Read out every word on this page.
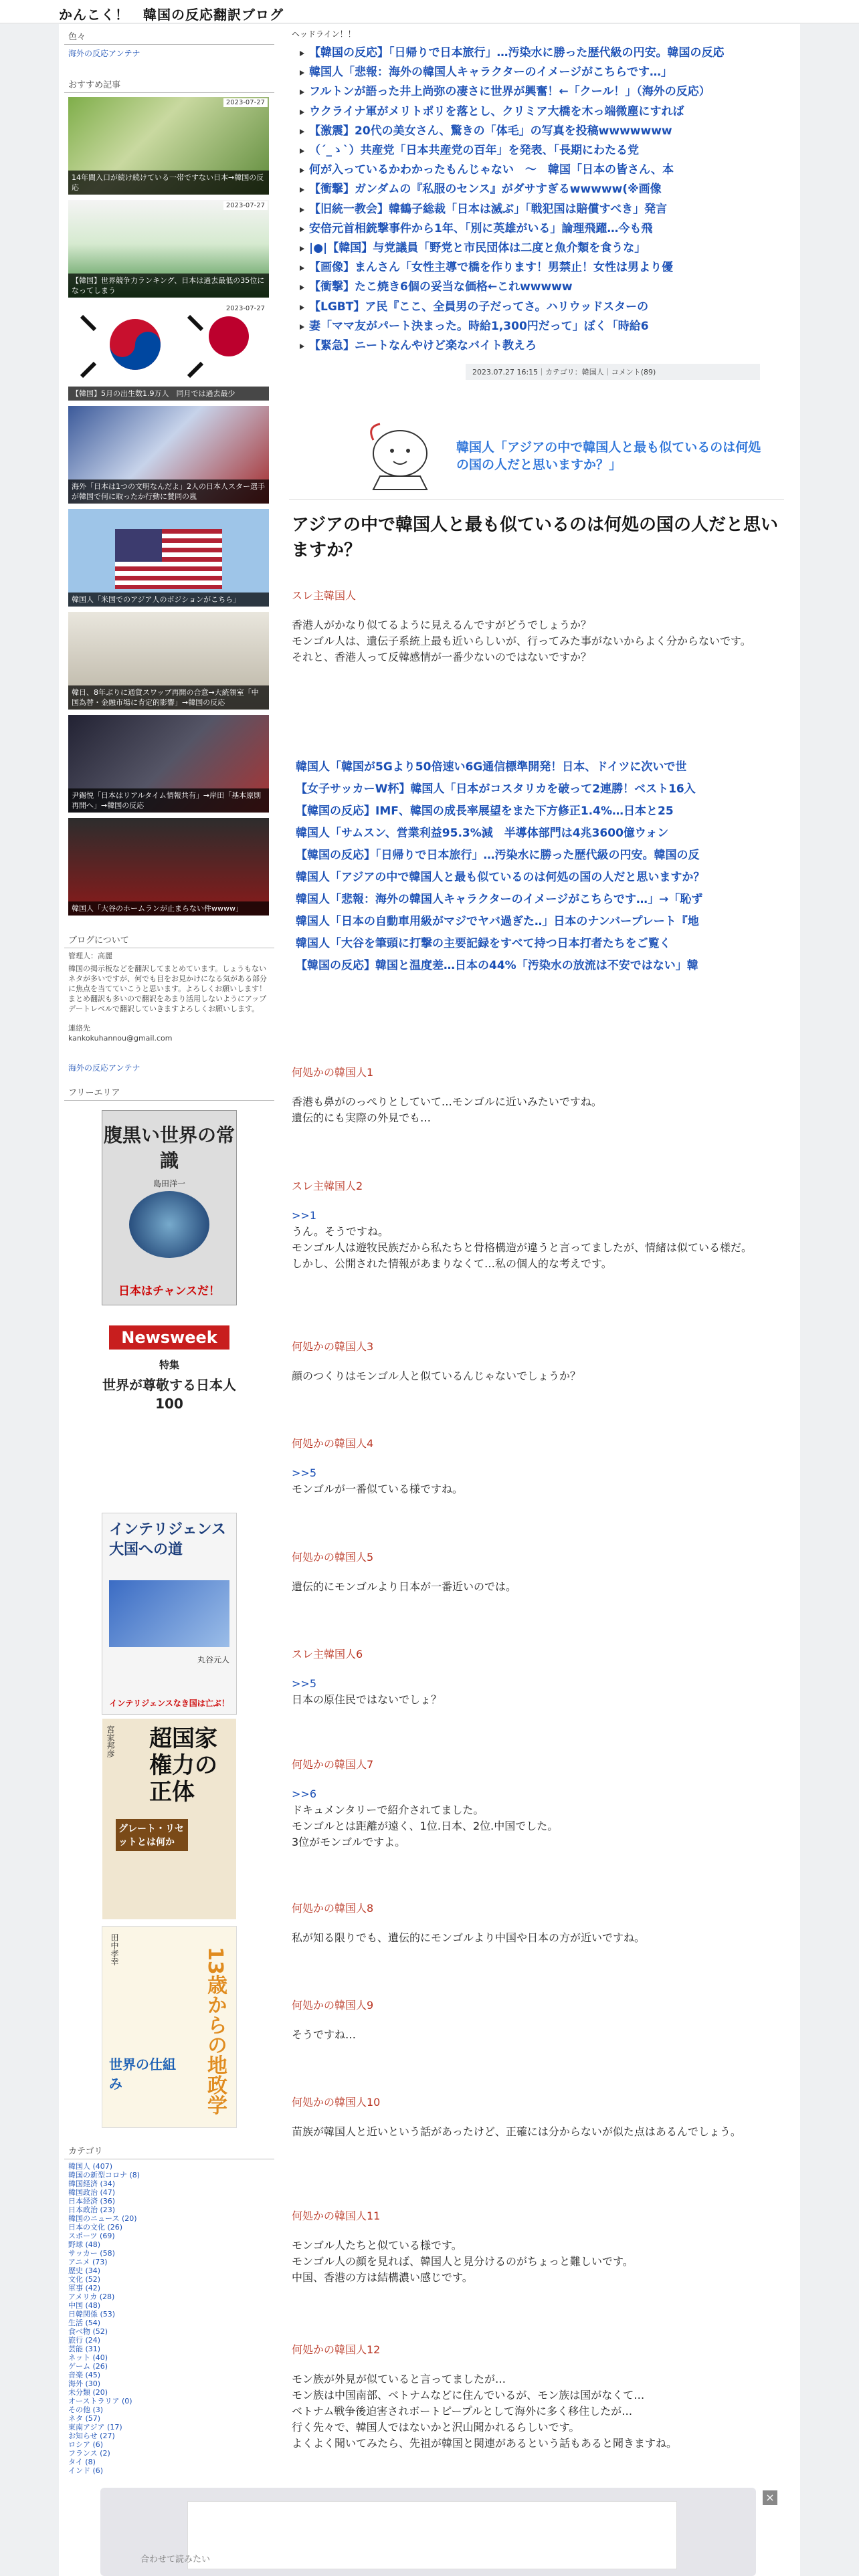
かんこく！　韓国の反応翻訳ブログ
色々
海外の反応アンテナ
おすすめ記事
2023-07-27
14年間入口が続け続けている一帯ですない日本→韓国の反応
2023-07-27
【韓国】世界競争力ランキング、日本は過去最低の35位になってしまう
2023-07-27
【韓国】5月の出生数1.9万人　同月では過去最少
海外「日本は1つの文明なんだよ」2人の日本人スター選手が韓国で何に取ったか行動に賛同の嵐
韓国人「米国でのアジア人のポジションがこちら」
韓日、8年ぶりに通貨スワップ再開の合意→大統領室「中国為替・金融市場に肯定的影響」→韓国の反応
尹錫悦「日本はリアルタイム情報共有」→岸田「基本原則再開へ」→韓国の反応
韓国人「大谷のホームランが止まらない件wwww」
ブログについて
管理人：高麗
韓国の掲示板などを翻訳してまとめています。しょうもないネタが多いですが、何でも目をお見かけになる気がある部分に焦点を当てていこうと思います。よろしくお願いします！まとめ翻訳も多いので翻訳をあまり活用しないようにアップデートレベルで翻訳していきますよろしくお願いします。
連絡先
kankokuhannou@gmail.com
海外の反応アンテナ
フリーエリア
腹黒い世界の常識
島田洋一
日本はチャンスだ！
Newsweek
特集
世界が尊敬する日本人 100
インテリジェンス大国への道
丸谷元人
インテリジェンスなき国は亡ぶ！
宮家邦彦 超国家権力の正体
グレート・リセットとは何か
13歳からの地政学
田中孝幸
世界の仕組み
カテゴリ
韓国人 (407)
韓国の新型コロナ (8)
韓国経済 (34)
韓国政治 (47)
日本経済 (36)
日本政治 (23)
韓国のニュース (20)
日本の文化 (26)
スポーツ (69)
野球 (48)
サッカー (58)
アニメ (73)
歴史 (34)
文化 (52)
軍事 (42)
アメリカ (28)
中国 (48)
日韓関係 (53)
生活 (54)
食べ物 (52)
旅行 (24)
芸能 (31)
ネット (40)
ゲーム (26)
音楽 (45)
海外 (30)
未分類 (20)
オーストラリア (0)
その他 (3)
ネタ (57)
東南アジア (17)
お知らせ (27)
ロシア (6)
フランス (2)
タイ (8)
インド (6)
ヘッドライン！！
【韓国の反応】「日帰りで日本旅行」…汚染水に勝った歴代級の円安。韓国の反応
韓国人「悲報：海外の韓国人キャラクターのイメージがこちらです…」
フルトンが語った井上尚弥の凄さに世界が興奮！←「クール！」（海外の反応）
ウクライナ軍がメリトポリを落とし、クリミア大橋を木っ端微塵にすれば
【激震】20代の美女さん、驚きの「体毛」の写真を投稿wwwwwww
（´_ゝ`）共産党「日本共産党の百年」を発表、「長期にわたる党
何が入っているかわかったもんじゃない　〜　韓国「日本の皆さん、本
【衝撃】ガンダムの『私服のセンス』がダサすぎるwwwww(※画像
【旧統一教会】韓鶴子総裁「日本は滅ぶ」「戦犯国は賠償すべき」発言
安倍元首相銃撃事件から1年、「別に英雄がいる」論理飛躍…今も飛
|●|【韓国】与党議員「野党と市民団体は二度と魚介類を食うな」
【画像】まんさん「女性主導で橋を作ります！男禁止！女性は男より優
【衝撃】たこ焼き6個の妥当な価格←これwwwww
【LGBT】ア民『ここ、全員男の子だってさ。ハリウッドスターの
妻「ママ友がパート決まった。時給1,300円だって」ぼく「時給6
【緊急】ニートなんやけど楽なバイト教えろ
2023.07.27 16:15｜カテゴリ：韓国人｜コメント(89)
韓国人「アジアの中で韓国人と最も似ているのは何処の国の人だと思いますか？」
アジアの中で韓国人と最も似ているのは何処の国の人だと思いますか？
スレ主韓国人
香港人がかなり似てるように見えるんですがどうでしょうか？
モンゴル人は、遺伝子系統上最も近いらしいが、行ってみた事がないからよく分からないです。
それと、香港人って反韓感情が一番少ないのではないですか？
韓国人「韓国が5Gより50倍速い6G通信標準開発！日本、ドイツに次いで世
【女子サッカーW杯】韓国人「日本がコスタリカを破って2連勝！ベスト16入
【韓国の反応】IMF、韓国の成長率展望をまた下方修正1.4%…日本と25
韓国人「サムスン、営業利益95.3%減　半導体部門は4兆3600億ウォン
【韓国の反応】「日帰りで日本旅行」…汚染水に勝った歴代級の円安。韓国の反
韓国人「アジアの中で韓国人と最も似ているのは何処の国の人だと思いますか？
韓国人「悲報：海外の韓国人キャラクターのイメージがこちらです…」→「恥ず
韓国人「日本の自動車用級がマジでヤバ過ぎた‥」日本のナンバープレート『地
韓国人「大谷を筆頭に打撃の主要記録をすべて持つ日本打者たちをご覧く
【韓国の反応】韓国と温度差…日本の44%「汚染水の放流は不安ではない」韓
何処かの韓国人1
香港も鼻がのっぺりとしていて…モンゴルに近いみたいですね。
遺伝的にも実際の外見でも…
スレ主韓国人2
>>1
うん。そうですね。
モンゴル人は遊牧民族だから私たちと骨格構造が違うと言ってましたが、情緒は似ている様だ。
しかし、公開された情報があまりなくて…私の個人的な考えです。
何処かの韓国人3
顔のつくりはモンゴル人と似ているんじゃないでしょうか？
何処かの韓国人4
>>5
モンゴルが一番似ている様ですね。
何処かの韓国人5
遺伝的にモンゴルより日本が一番近いのでは。
スレ主韓国人6
>>5
日本の原住民ではないでしょ？
何処かの韓国人7
>>6
ドキュメンタリーで紹介されてました。
モンゴルとは距離が遠く、1位.日本、2位.中国でした。
3位がモンゴルですよ。
何処かの韓国人8
私が知る限りでも、遺伝的にモンゴルより中国や日本の方が近いですね。
何処かの韓国人9
そうですね…
何処かの韓国人10
苗族が韓国人と近いという話があったけど、正確には分からないが似た点はあるんでしょう。
何処かの韓国人11
モンゴル人たちと似ている様です。
モンゴル人の顔を見れば、韓国人と見分けるのがちょっと難しいです。
中国、香港の方は結構濃い感じです。
何処かの韓国人12
モン族が外見が似ていると言ってましたが…
モン族は中国南部、ベトナムなどに住んでいるが、モン族は国がなくて…
ベトナム戦争後迫害されボートピープルとして海外に多く移住したが…
行く先々で、韓国人ではないかと沢山聞かれるらしいです。
よくよく聞いてみたら、先祖が韓国と関連があるという話もあると聞きますね。
合わせて読みたい
×
